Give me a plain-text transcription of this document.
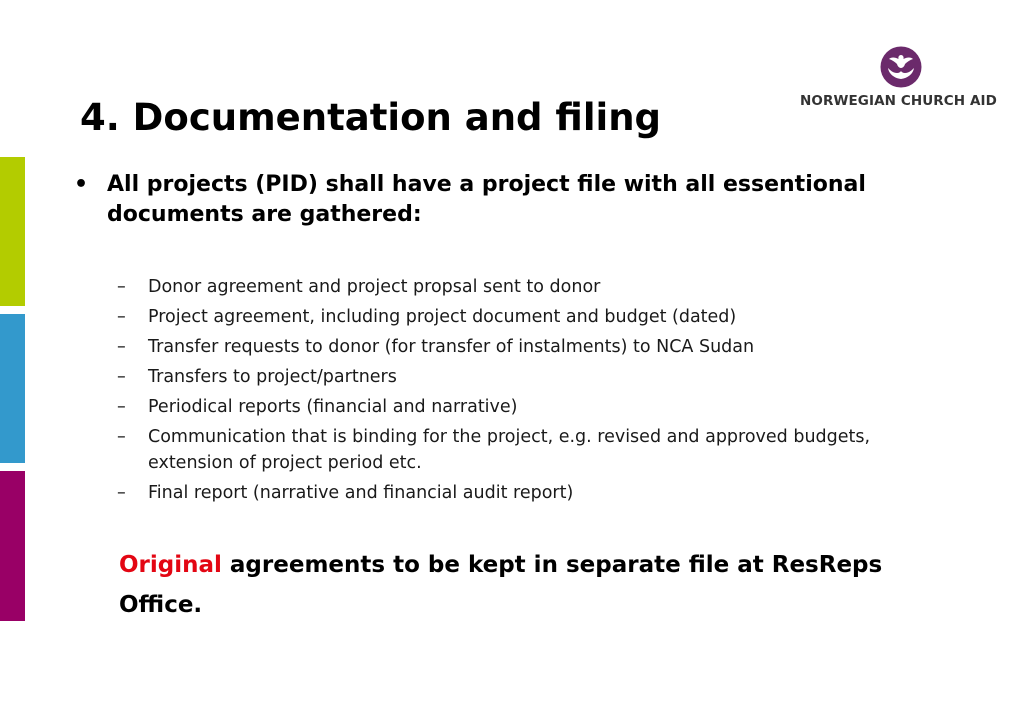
4. Documentation and filing	NORWEGIAN CHURCH AID
• All projects (PID) shall have a project file with all essentional documents are gathered:
– Donor agreement and project propsal sent to donor
– Project agreement, including project document and budget (dated)
– Transfer requests to donor (for transfer of instalments) to NCA Sudan
– Transfers to project/partners
– Periodical reports (financial and narrative)
– Communication that is binding for the project, e.g. revised and approved budgets, extension of project period etc.
– Final report (narrative and financial audit report)
Original agreements to be kept in separate file at ResReps Office.
